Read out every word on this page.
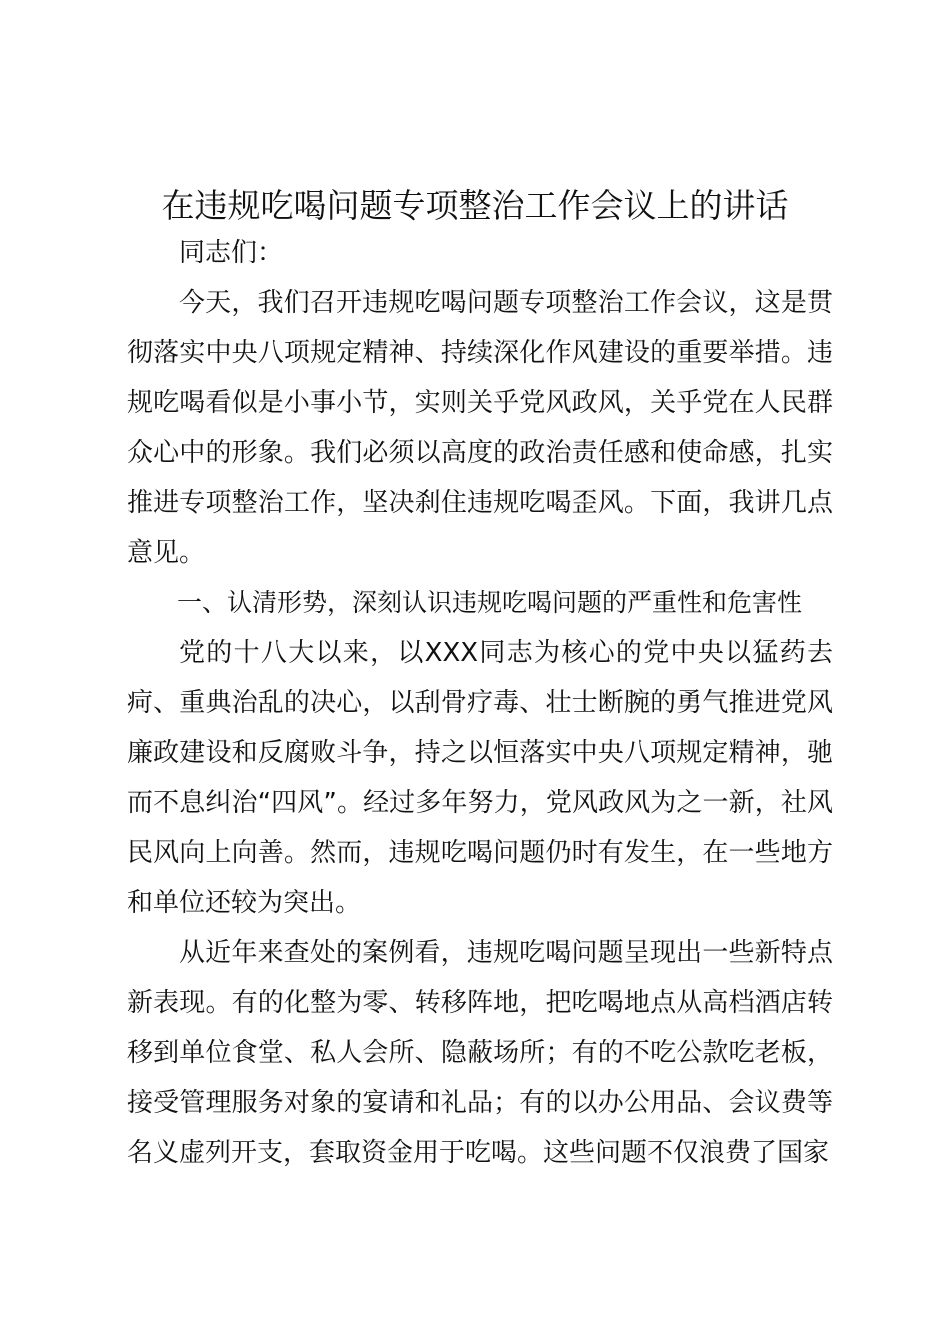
在违规吃喝问题专项整治工作会议上的讲话

同志们：

今天，我们召开违规吃喝问题专项整治工作会议，这是贯彻落实中央八项规定精神、持续深化作风建设的重要举措。违规吃喝看似是小事小节，实则关乎党风政风，关乎党在人民群众心中的形象。我们必须以高度的政治责任感和使命感，扎实推进专项整治工作，坚决刹住违规吃喝歪风。下面，我讲几点意见。

一、认清形势，深刻认识违规吃喝问题的严重性和危害性

党的十八大以来，以XXX同志为核心的党中央以猛药去疴、重典治乱的决心，以刮骨疗毒、壮士断腕的勇气推进党风廉政建设和反腐败斗争，持之以恒落实中央八项规定精神，驰而不息纠治“四风”。经过多年努力，党风政风为之一新，社风民风向上向善。然而，违规吃喝问题仍时有发生，在一些地方和单位还较为突出。

从近年来查处的案例看，违规吃喝问题呈现出一些新特点新表现。有的化整为零、转移阵地，把吃喝地点从高档酒店转移到单位食堂、私人会所、隐蔽场所；有的不吃公款吃老板，接受管理服务对象的宴请和礼品；有的以办公用品、会议费等名义虚列开支，套取资金用于吃喝。这些问题不仅浪费了国家
